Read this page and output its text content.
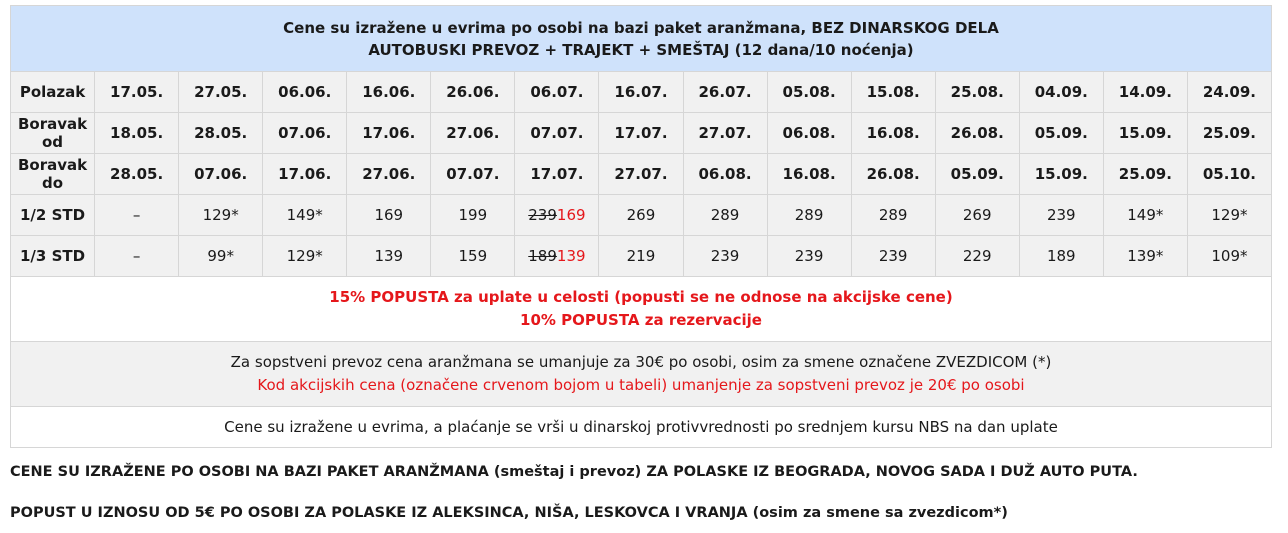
Cene su izražene u evrima po osobi na bazi paket aranžmana, BEZ DINARSKOG DELA
AUTOBUSKI PREVOZ + TRAJEKT + SMEŠTAJ (12 dana/10 noćenja)														

Polazak	17.05.	27.05.	06.06.	16.06.	26.06.	06.07.	16.07.	26.07.	05.08.	15.08.	25.08.	04.09.	14.09.	24.09.
Boravak od	18.05.	28.05.	07.06.	17.06.	27.06.	07.07.	17.07.	27.07.	06.08.	16.08.	26.08.	05.09.	15.09.	25.09.
Boravak do	28.05.	07.06.	17.06.	27.06.	07.07.	17.07.	27.07.	06.08.	16.08.	26.08.	05.09.	15.09.	25.09.	05.10.
1/2 STD	–	129*	149*	169	199	239169	269	289	289	289	269	239	149*	129*
1/3 STD	–	99*	129*	139	159	189139	219	239	239	239	229	189	139*	109*

15% POPUSTA za uplate u celosti (popusti se ne odnose na akcijske cene)
10% POPUSTA za rezervacije														

Za sopstveni prevoz cena aranžmana se umanjuje za 30€ po osobi, osim za smene označene ZVEZDICOM (*)
Kod akcijskih cena (označene crvenom bojom u tabeli) umanjenje za sopstveni prevoz je 20€ po osobi														

Cene su izražene u evrima, a plaćanje se vrši u dinarskoj protivvrednosti po srednjem kursu NBS na dan uplate														
CENE SU IZRAŽENE PO OSOBI NA BAZI PAKET ARANŽMANA (smeštaj i prevoz) ZA POLASKE IZ BEOGRADA, NOVOG SADA I DUŽ AUTO PUTA.
POPUST U IZNOSU OD 5€ PO OSOBI ZA POLASKE IZ ALEKSINCA, NIŠA, LESKOVCA I VRANJA (osim za smene sa zvezdicom*)
